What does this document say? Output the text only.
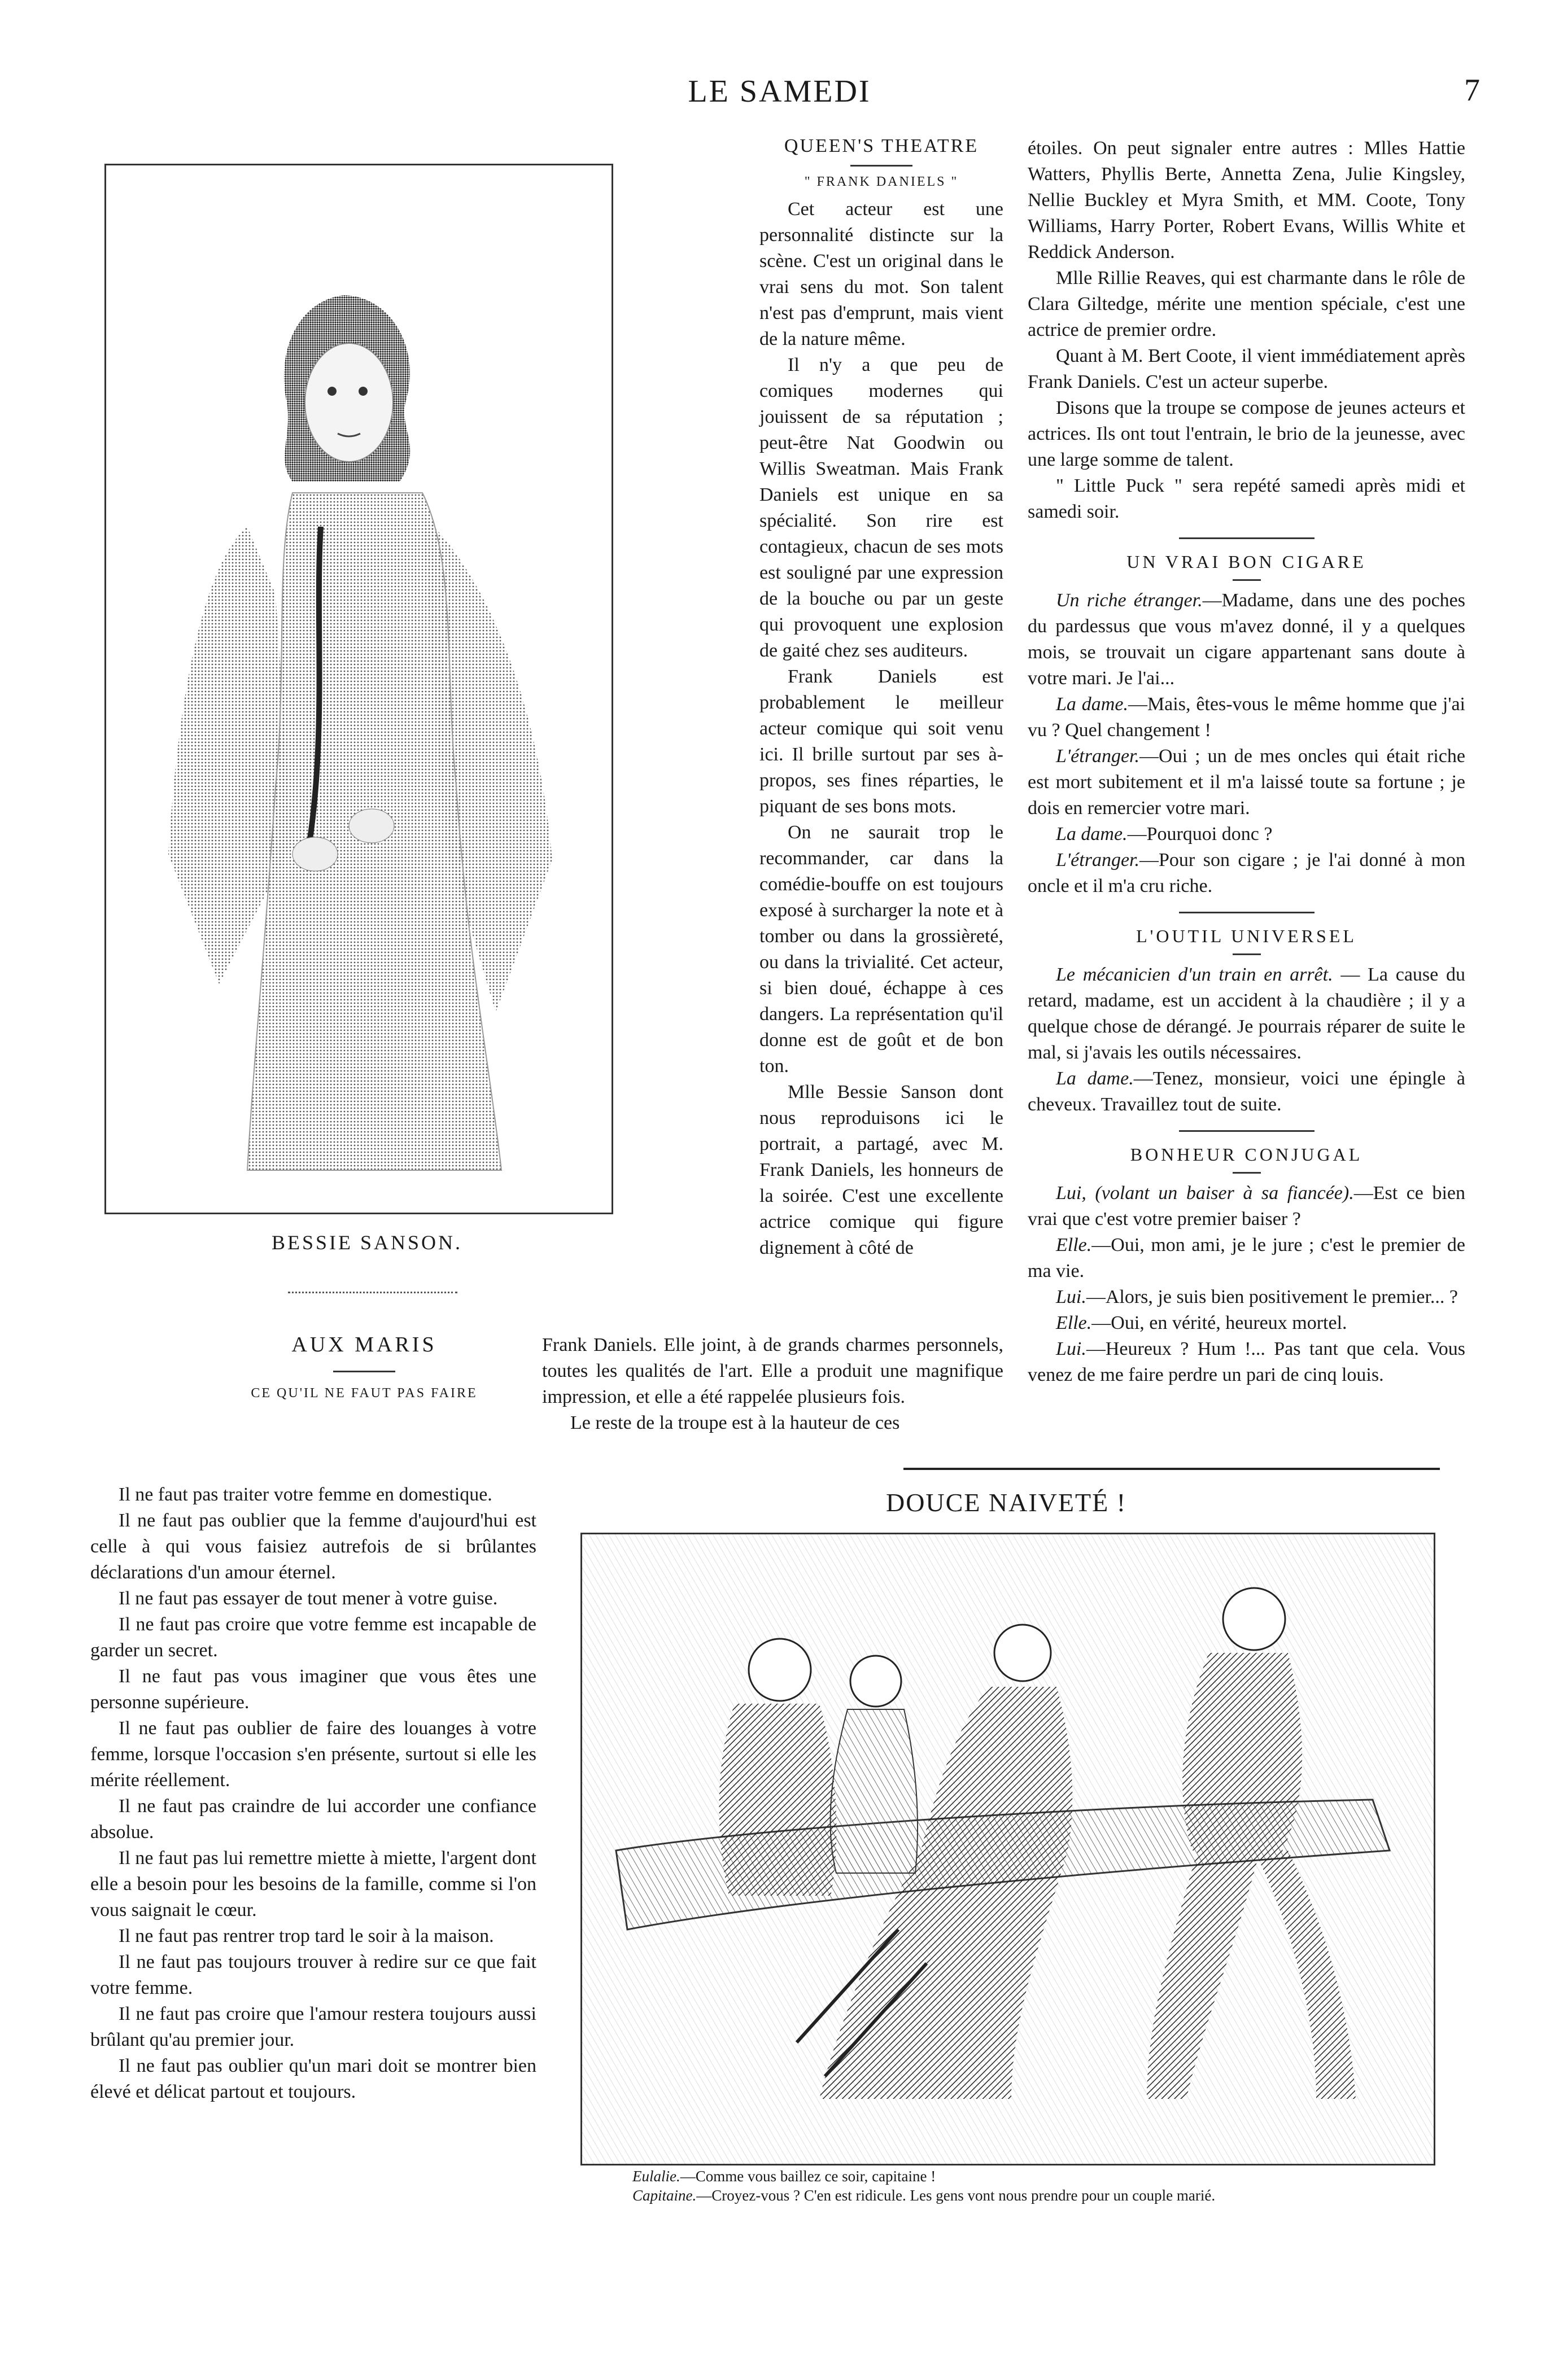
LE SAMEDI	7
BESSIE SANSON.
AUX MARIS
CE QU'IL NE FAUT PAS FAIRE

Il ne faut pas traiter votre femme en domestique.

Il ne faut pas oublier que la femme d'aujourd'hui est celle à qui vous faisiez autrefois de si brûlantes déclarations d'un amour éternel.

Il ne faut pas essayer de tout mener à votre guise.

Il ne faut pas croire que votre femme est incapable de garder un secret.

Il ne faut pas vous imaginer que vous êtes une personne supérieure.

Il ne faut pas oublier de faire des louanges à votre femme, lorsque l'occasion s'en présente, surtout si elle les mérite réellement.

Il ne faut pas craindre de lui accorder une confiance absolue.

Il ne faut pas lui remettre miette à miette, l'argent dont elle a besoin pour les besoins de la famille, comme si l'on vous saignait le cœur.

Il ne faut pas rentrer trop tard le soir à la maison.

Il ne faut pas toujours trouver à redire sur ce que fait votre femme.

Il ne faut pas croire que l'amour restera toujours aussi brûlant qu'au premier jour.

Il ne faut pas oublier qu'un mari doit se montrer bien élevé et délicat partout et toujours.

QUEEN'S THEATRE
" FRANK DANIELS "

Cet acteur est une personnalité distincte sur la scène. C'est un original dans le vrai sens du mot. Son talent n'est pas d'emprunt, mais vient de la nature même.

Il n'y a que peu de comiques modernes qui jouissent de sa réputation ; peut-être Nat Goodwin ou Willis Sweatman. Mais Frank Daniels est unique en sa spécialité. Son rire est contagieux, chacun de ses mots est souligné par une expression de la bouche ou par un geste qui provoquent une explosion de gaité chez ses auditeurs.

Frank Daniels est probablement le meilleur acteur comique qui soit venu ici. Il brille surtout par ses à-propos, ses fines réparties, le piquant de ses bons mots.

On ne saurait trop le recommander, car dans la comédie-bouffe on est toujours exposé à surcharger la note et à tomber ou dans la grossièreté, ou dans la trivialité. Cet acteur, si bien doué, échappe à ces dangers. La représentation qu'il donne est de goût et de bon ton.

Mlle Bessie Sanson dont nous reproduisons ici le portrait, a partagé, avec M. Frank Daniels, les honneurs de la soirée. C'est une excellente actrice comique qui figure dignement à côté de

Frank Daniels. Elle joint, à de grands charmes personnels, toutes les qualités de l'art. Elle a produit une magnifique impression, et elle a été rappelée plusieurs fois.

Le reste de la troupe est à la hauteur de ces

étoiles. On peut signaler entre autres : Mlles Hattie Watters, Phyllis Berte, Annetta Zena, Julie Kingsley, Nellie Buckley et Myra Smith, et MM. Coote, Tony Williams, Harry Porter, Robert Evans, Willis White et Reddick Anderson.

Mlle Rillie Reaves, qui est charmante dans le rôle de Clara Giltedge, mérite une mention spéciale, c'est une actrice de premier ordre.

Quant à M. Bert Coote, il vient immédiatement après Frank Daniels. C'est un acteur superbe.

Disons que la troupe se compose de jeunes acteurs et actrices. Ils ont tout l'entrain, le brio de la jeunesse, avec une large somme de talent.

" Little Puck " sera repété samedi après midi et samedi soir.

UN VRAI BON CIGARE

Un riche étranger.—Madame, dans une des poches du pardessus que vous m'avez donné, il y a quelques mois, se trouvait un cigare appartenant sans doute à votre mari. Je l'ai...

La dame.—Mais, êtes-vous le même homme que j'ai vu ? Quel changement !

L'étranger.—Oui ; un de mes oncles qui était riche est mort subitement et il m'a laissé toute sa fortune ; je dois en remercier votre mari.

La dame.—Pourquoi donc ?

L'étranger.—Pour son cigare ; je l'ai donné à mon oncle et il m'a cru riche.

L'OUTIL UNIVERSEL

Le mécanicien d'un train en arrêt. — La cause du retard, madame, est un accident à la chaudière ; il y a quelque chose de dérangé. Je pourrais réparer de suite le mal, si j'avais les outils nécessaires.

La dame.—Tenez, monsieur, voici une épingle à cheveux. Travaillez tout de suite.

BONHEUR CONJUGAL

Lui, (volant un baiser à sa fiancée).—Est ce bien vrai que c'est votre premier baiser ?

Elle.—Oui, mon ami, je le jure ; c'est le premier de ma vie.

Lui.—Alors, je suis bien positivement le premier... ?

Elle.—Oui, en vérité, heureux mortel.

Lui.—Heureux ? Hum !... Pas tant que cela. Vous venez de me faire perdre un pari de cinq louis.

DOUCE NAIVETÉ !
Eulalie.—Comme vous baillez ce soir, capitaine !
Capitaine.—Croyez-vous ? C'en est ridicule. Les gens vont nous prendre pour un couple marié.
